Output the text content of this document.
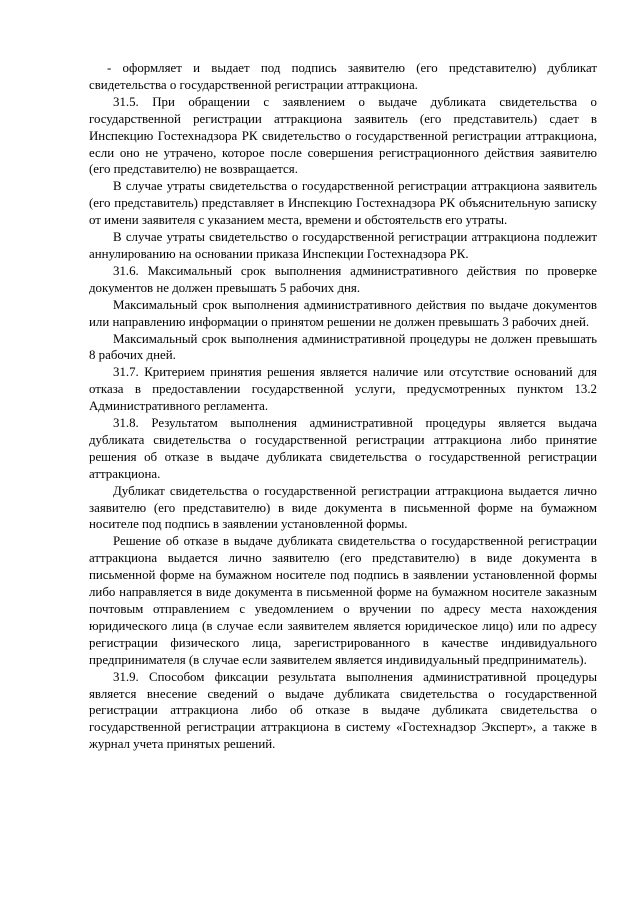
- оформляет и выдает под подпись заявителю (его представителю) дубликат свидетельства о государственной регистрации аттракциона.

31.5. При обращении с заявлением о выдаче дубликата свидетельства о государственной регистрации аттракциона заявитель (его представитель) сдает в Инспекцию Гостехнадзора РК свидетельство о государственной регистрации аттракциона, если оно не утрачено, которое после совершения регистрационного действия заявителю (его представителю) не возвращается.

В случае утраты свидетельства о государственной регистрации аттракциона заявитель (его представитель) представляет в Инспекцию Гостехнадзора РК объяснительную записку от имени заявителя с указанием места, времени и обстоятельств его утраты.

В случае утраты свидетельство о государственной регистрации аттракциона подлежит аннулированию на основании приказа Инспекции Гостехнадзора РК.

31.6. Максимальный срок выполнения административного действия по проверке документов не должен превышать 5 рабочих дня.

Максимальный срок выполнения административного действия по выдаче документов или направлению информации о принятом решении не должен превышать 3 рабочих дней.

Максимальный срок выполнения административной процедуры не должен превышать 8 рабочих дней.

31.7. Критерием принятия решения является наличие или отсутствие оснований для отказа в предоставлении государственной услуги, предусмотренных пунктом 13.2 Административного регламента.

31.8. Результатом выполнения административной процедуры является выдача дубликата свидетельства о государственной регистрации аттракциона либо принятие решения об отказе в выдаче дубликата свидетельства о государственной регистрации аттракциона.

Дубликат свидетельства о государственной регистрации аттракциона выдается лично заявителю (его представителю) в виде документа в письменной форме на бумажном носителе под подпись в заявлении установленной формы.

Решение об отказе в выдаче дубликата свидетельства о государственной регистрации аттракциона выдается лично заявителю (его представителю) в виде документа в письменной форме на бумажном носителе под подпись в заявлении установленной формы либо направляется в виде документа в письменной форме на бумажном носителе заказным почтовым отправлением с уведомлением о вручении по адресу места нахождения юридического лица (в случае если заявителем является юридическое лицо) или по адресу регистрации физического лица, зарегистрированного в качестве индивидуального предпринимателя (в случае если заявителем является индивидуальный предприниматель).

31.9. Способом фиксации результата выполнения административной процедуры является внесение сведений о выдаче дубликата свидетельства о государственной регистрации аттракциона либо об отказе в выдаче дубликата свидетельства о государственной регистрации аттракциона в систему «Гостехнадзор Эксперт», а также в журнал учета принятых решений.
